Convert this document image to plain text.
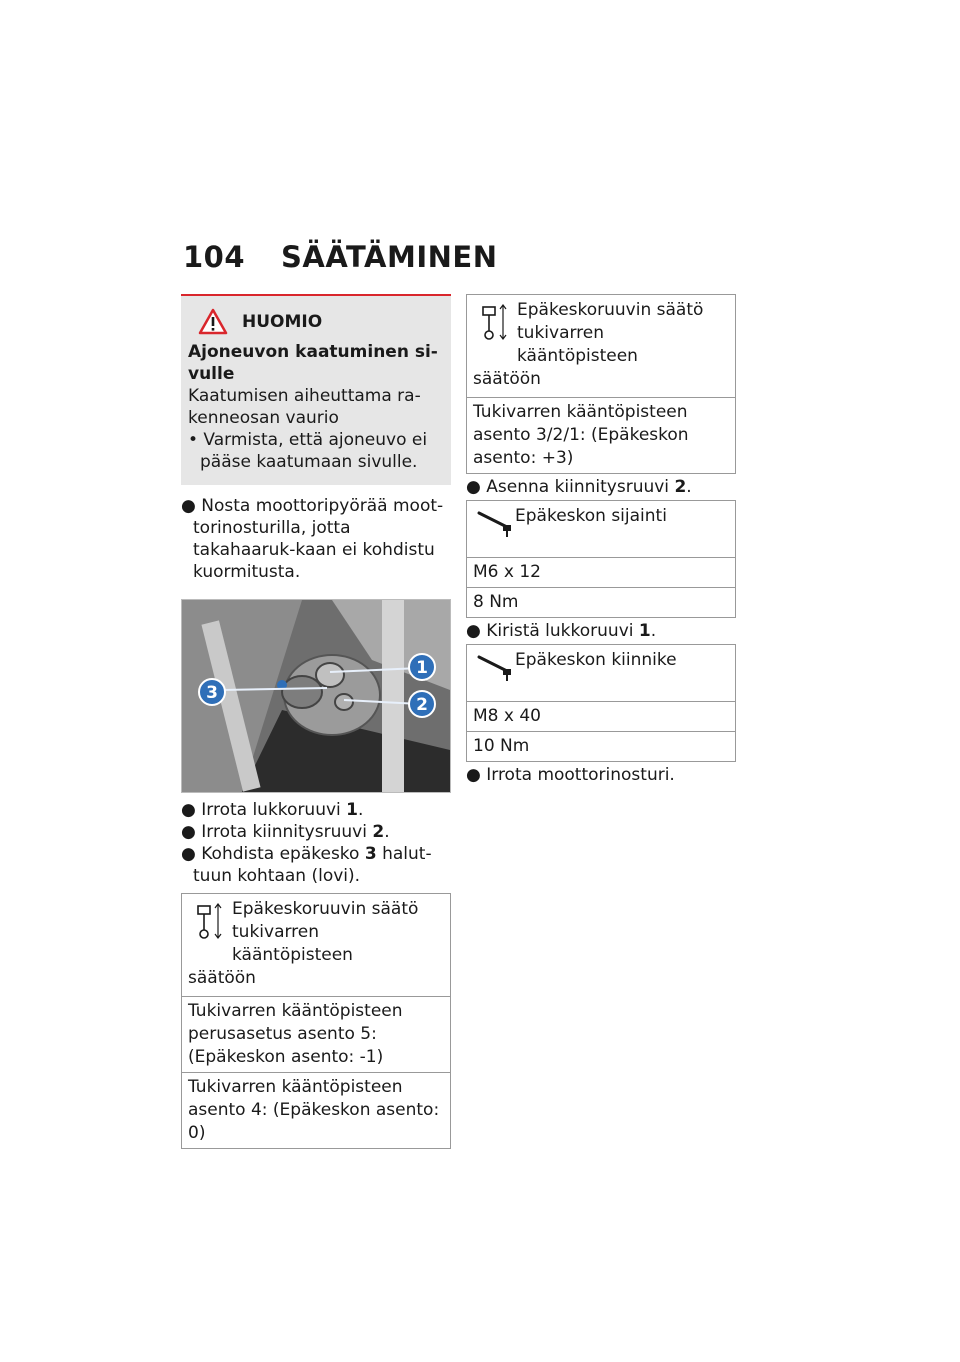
104 SÄÄTÄMINEN
HUOMIO
Ajoneuvon kaatuminen si-vulle
Kaatumisen aiheuttama ra-kenneosan vaurio
• Varmista, että ajoneuvo ei pääse kaatumaan sivulle.
● Nosta moottoripyörää moot-torinosturilla, jotta takahaaruk-kaan ei kohdistu kuormitusta.
1
2
3
● Irrota lukkoruuvi 1.
● Irrota kiinnitysruuvi 2.
● Kohdista epäkesko 3 halut-tuun kohtaan (lovi).
Epäkeskoruuvin säätö
tukivarren kääntöpisteen
säätöön
Tukivarren kääntöpisteen perusasetus asento 5: (Epäkeskon asento: -1)
Tukivarren kääntöpisteen asento 4: (Epäkeskon asento: 0)
Epäkeskoruuvin säätö
tukivarren kääntöpisteen
säätöön
Tukivarren kääntöpisteen asento 3/2/1: (Epäkeskon asento: +3)
● Asenna kiinnitysruuvi 2.
Epäkeskon sijainti
M6 x 12
8 Nm
● Kiristä lukkoruuvi 1.
Epäkeskon kiinnike
M8 x 40
10 Nm
● Irrota moottorinosturi.
